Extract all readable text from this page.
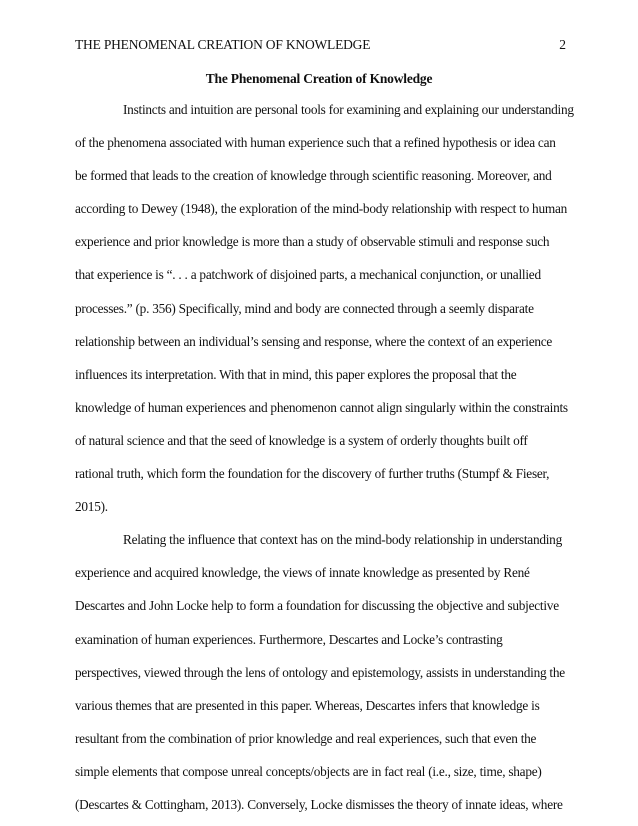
THE PHENOMENAL CREATION OF KNOWLEDGE	2
The Phenomenal Creation of Knowledge
Instincts and intuition are personal tools for examining and explaining our understanding
of the phenomena associated with human experience such that a refined hypothesis or idea can
be formed that leads to the creation of knowledge through scientific reasoning. Moreover, and
according to Dewey (1948), the exploration of the mind-body relationship with respect to human
experience and prior knowledge is more than a study of observable stimuli and response such
that experience is “. . . a patchwork of disjoined parts, a mechanical conjunction, or unallied
processes.” (p. 356) Specifically, mind and body are connected through a seemly disparate
relationship between an individual’s sensing and response, where the context of an experience
influences its interpretation. With that in mind, this paper explores the proposal that the
knowledge of human experiences and phenomenon cannot align singularly within the constraints
of natural science and that the seed of knowledge is a system of orderly thoughts built off
rational truth, which form the foundation for the discovery of further truths (Stumpf & Fieser,
2015).
Relating the influence that context has on the mind-body relationship in understanding
experience and acquired knowledge, the views of innate knowledge as presented by René
Descartes and John Locke help to form a foundation for discussing the objective and subjective
examination of human experiences. Furthermore, Descartes and Locke’s contrasting
perspectives, viewed through the lens of ontology and epistemology, assists in understanding the
various themes that are presented in this paper. Whereas, Descartes infers that knowledge is
resultant from the combination of prior knowledge and real experiences, such that even the
simple elements that compose unreal concepts/objects are in fact real (i.e., size, time, shape)
(Descartes & Cottingham, 2013). Conversely, Locke dismisses the theory of innate ideas, where
